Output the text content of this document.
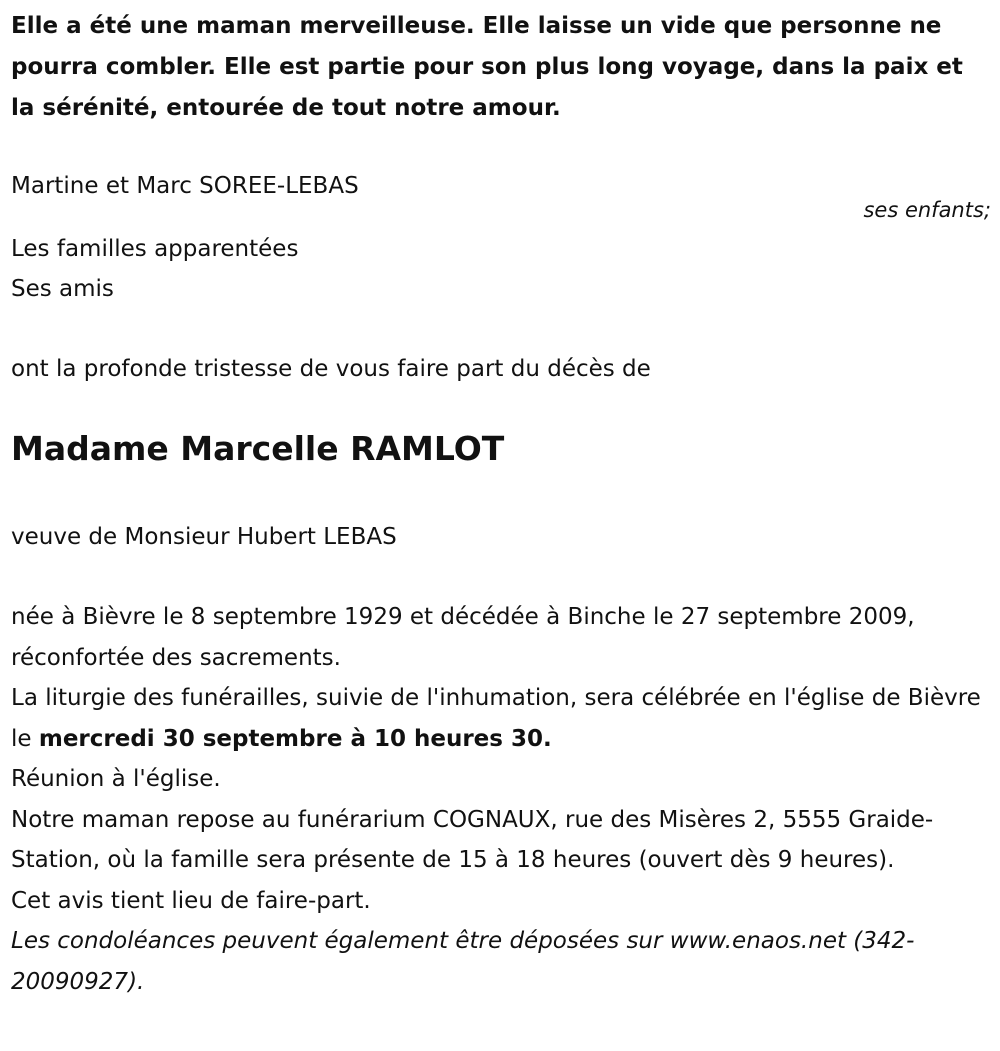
Elle a été une maman merveilleuse. Elle laisse un vide que personne ne pourra combler. Elle est partie pour son plus long voyage, dans la paix et la sérénité, entourée de tout notre amour.

Martine et Marc SOREE-LEBAS
ses enfants;
Les familles apparentées
Ses amis
ont la profonde tristesse de vous faire part du décès de
Madame Marcelle RAMLOT
veuve de Monsieur Hubert LEBAS

née à Bièvre le 8 septembre 1929 et décédée à Binche le 27 septembre 2009, réconfortée des sacrements.

La liturgie des funérailles, suivie de l'inhumation, sera célébrée en l'église de Bièvre le mercredi 30 septembre à 10 heures 30.

Réunion à l'église.

Notre maman repose au funérarium COGNAUX, rue des Misères 2, 5555 Graide-Station, où la famille sera présente de 15 à 18 heures (ouvert dès 9 heures).

Cet avis tient lieu de faire-part.

Les condoléances peuvent également être déposées sur www.enaos.net (342-20090927).
